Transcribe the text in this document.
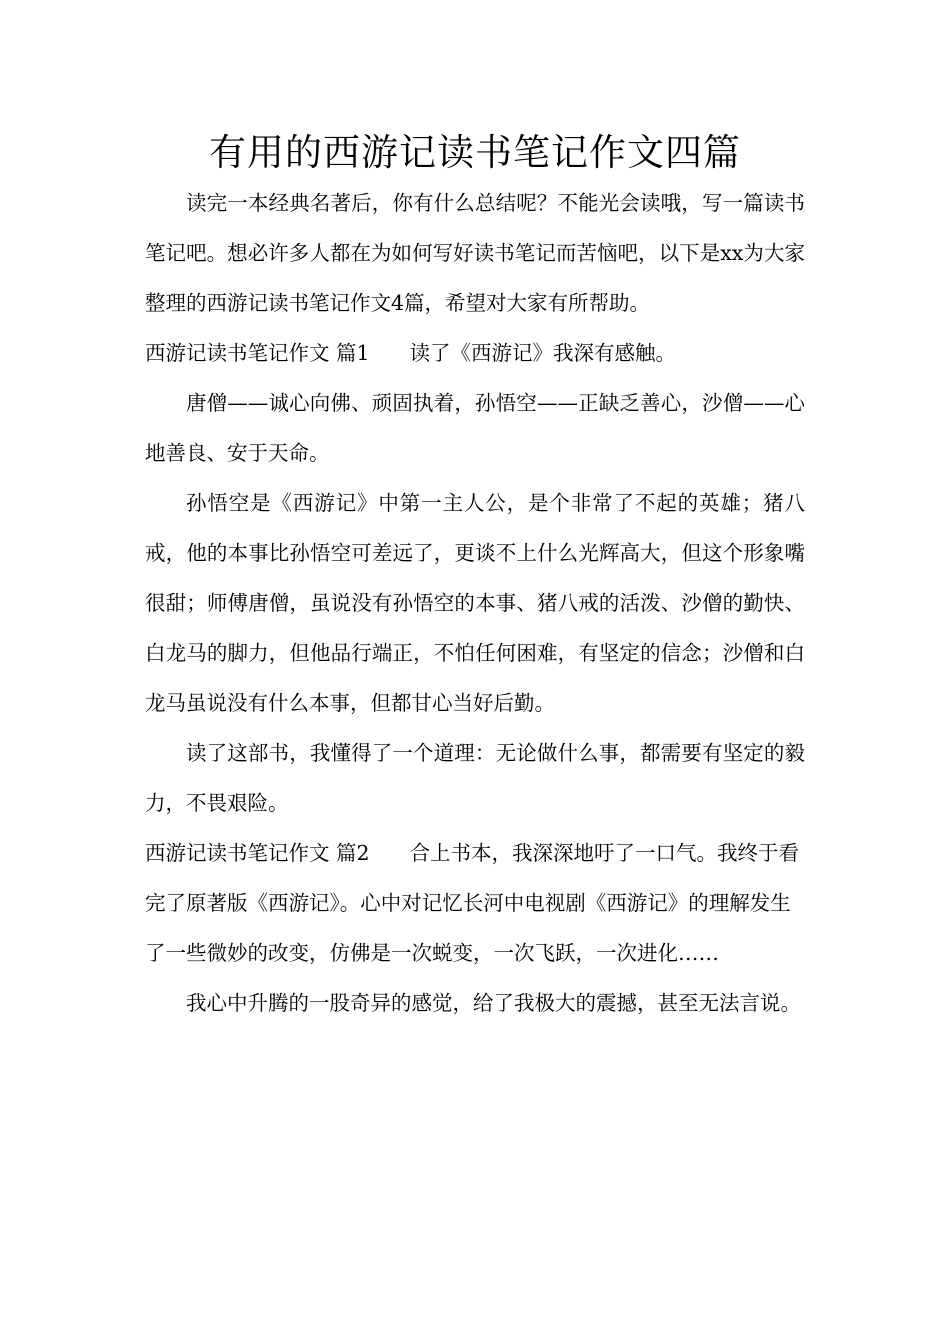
有用的西游记读书笔记作文四篇

读完一本经典名著后，你有什么总结呢？不能光会读哦，写一篇读书笔记吧。想必许多人都在为如何写好读书笔记而苦恼吧，以下是xx为大家整理的西游记读书笔记作文4篇，希望对大家有所帮助。

西游记读书笔记作文 篇1 读了《西游记》我深有感触。

唐僧——诚心向佛、顽固执着，孙悟空——正缺乏善心，沙僧——心地善良、安于天命。

孙悟空是《西游记》中第一主人公，是个非常了不起的英雄；猪八戒，他的本事比孙悟空可差远了，更谈不上什么光辉高大，但这个形象嘴很甜；师傅唐僧，虽说没有孙悟空的本事、猪八戒的活泼、沙僧的勤快、白龙马的脚力，但他品行端正，不怕任何困难，有坚定的信念；沙僧和白龙马虽说没有什么本事，但都甘心当好后勤。

读了这部书，我懂得了一个道理：无论做什么事，都需要有坚定的毅力，不畏艰险。

西游记读书笔记作文 篇2 合上书本，我深深地吁了一口气。我终于看完了原著版《西游记》。心中对记忆长河中电视剧《西游记》的理解发生了一些微妙的改变，仿佛是一次蜕变，一次飞跃，一次进化……

我心中升腾的一股奇异的感觉，给了我极大的震撼，甚至无法言说。
